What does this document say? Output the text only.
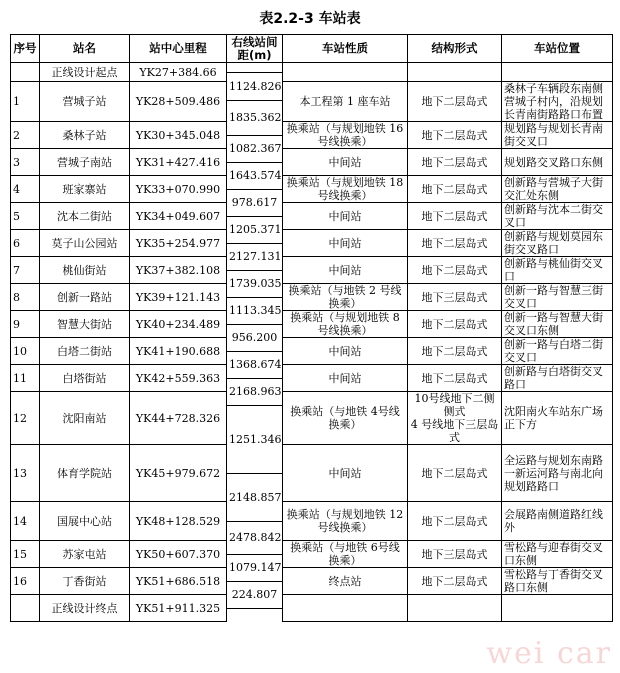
表2.2-3 车站表
序号	站名	站中心里程	右线站间距(m)	车站性质	结构形式	车站位置
	正线设计起点	YK27+384.66				
			1124.826			
1	营城子站	YK28+509.486		本工程第 1 座车站	地下二层岛式	桑林子车辆段东南侧营城子村内，沿规划长青南街路路口布置
			1835.362			
2	桑林子站	YK30+345.048		换乘站（与规划地铁 16 号线换乘）	地下二层岛式	规划路与规划长青南街交叉口
			1082.367			
3	营城子南站	YK31+427.416		中间站	地下二层岛式	规划路交叉路口东侧
			1643.574			
4	班家寨站	YK33+070.990		换乘站（与规划地铁 18 号线换乘）	地下二层岛式	创新路与营城子大街交汇处东侧
			978.617			
5	沈本二街站	YK34+049.607		中间站	地下二层岛式	创新路与沈本二街交叉口
			1205.371			
6	莫子山公园站	YK35+254.977		中间站	地下二层岛式	创新路与规划莫园东街交叉路口
			2127.131			
7	桃仙街站	YK37+382.108		中间站	地下二层岛式	创新路与桃仙街交叉口
			1739.035			
8	创新一路站	YK39+121.143		换乘站（与地铁 2 号线换乘）	地下三层岛式	创新一路与智慧三街交叉口
			1113.345			
9	智慧大街站	YK40+234.489		换乘站（与规划地铁 8 号线换乘）	地下二层岛式	创新一路与智慧大街交叉口东侧
			956.200			
10	白塔二街站	YK41+190.688		中间站	地下二层岛式	创新一路与白塔二街交叉口
			1368.674			
11	白塔街站	YK42+559.363		中间站	地下二层岛式	创新路与白塔街交叉路口
			2168.963			
12	沈阳南站	YK44+728.326		换乘站（与地铁 4号线换乘）	10号线地下二侧侧式
4 号线地下三层岛式	沈阳南火车站东广场正下方
			1251.346			
13	体育学院站	YK45+979.672		中间站	地下二层岛式	全运路与规划东南路一新运河路与南北向规划路路口
			2148.857			
14	国展中心站	YK48+128.529		换乘站（与规划地铁 12 号线换乘）	地下二层岛式	会展路南侧道路红线外
			2478.842			
15	苏家屯站	YK50+607.370		换乘站（与地铁 6号线换乘）	地下三层岛式	雪松路与迎春街交叉口东侧
			1079.147			
16	丁香街站	YK51+686.518		终点站	地下二层岛式	雪松路与丁香街交叉路口东侧
			224.807			
	正线设计终点	YK51+911.325				

wei car
